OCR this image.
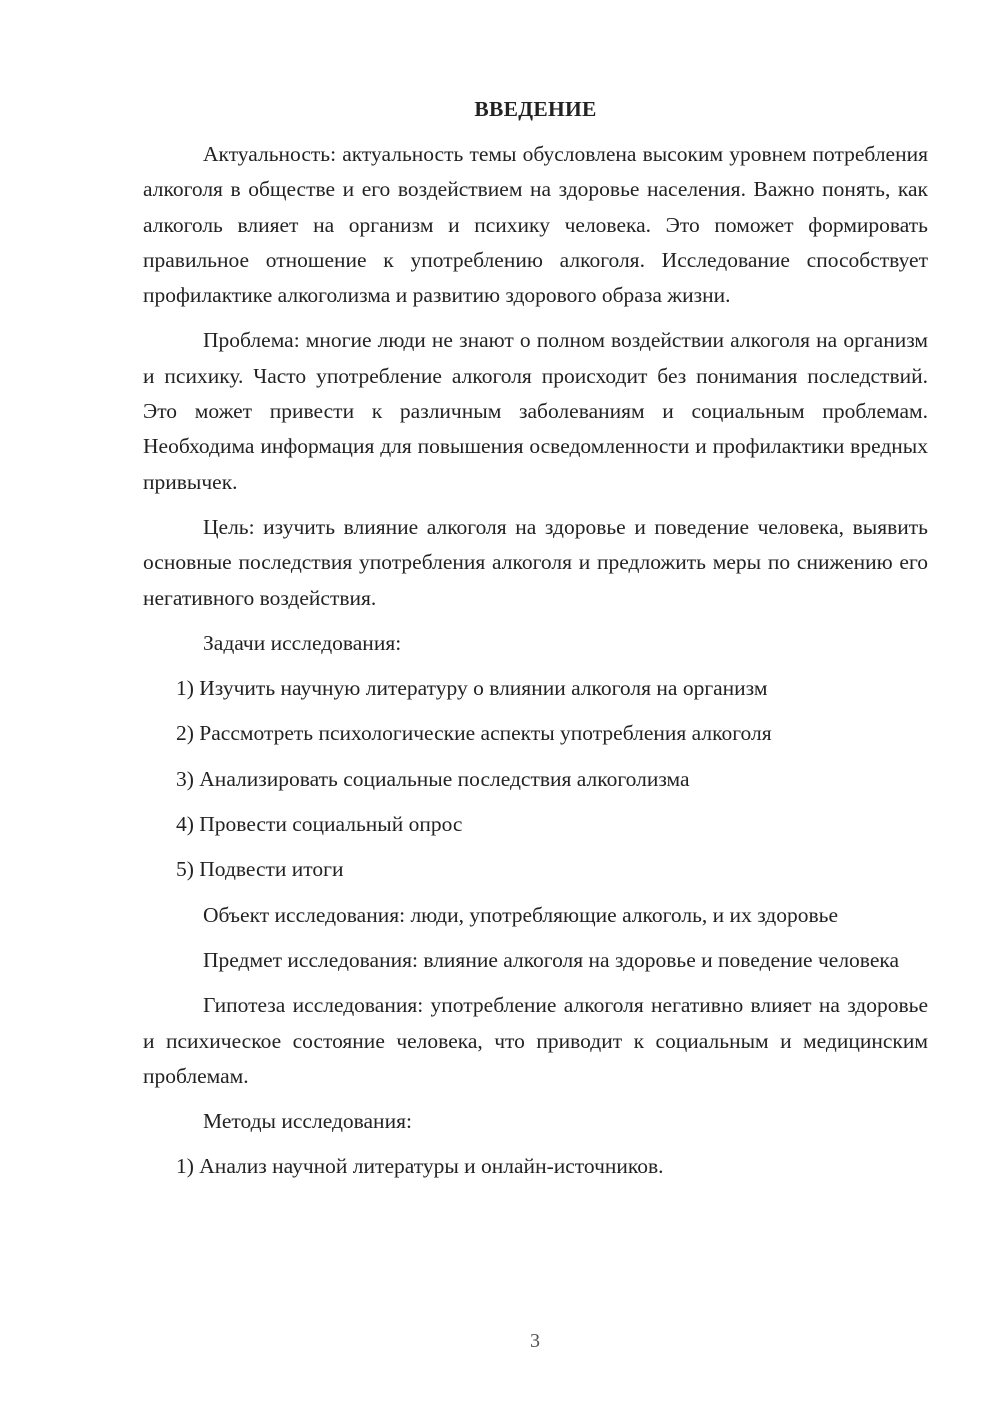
ВВЕДЕНИЕ

Актуальность: актуальность темы обусловлена высоким уровнем потребления алкоголя в обществе и его воздействием на здоровье населения. Важно понять, как алкоголь влияет на организм и психику человека. Это поможет формировать правильное отношение к употреблению алкоголя. Исследование способствует профилактике алкоголизма и развитию здорового образа жизни.

Проблема: многие люди не знают о полном воздействии алкоголя на организм и психику. Часто употребление алкоголя происходит без понимания последствий. Это может привести к различным заболеваниям и социальным проблемам. Необходима информация для повышения осведомленности и профилактики вредных привычек.

Цель: изучить влияние алкоголя на здоровье и поведение человека, выявить основные последствия употребления алкоголя и предложить меры по снижению его негативного воздействия.

Задачи исследования:

1) Изучить научную литературу о влиянии алкоголя на организм
2) Рассмотреть психологические аспекты употребления алкоголя
3) Анализировать социальные последствия алкоголизма
4) Провести социальный опрос
5) Подвести итоги

Объект исследования: люди, употребляющие алкоголь, и их здоровье

Предмет исследования: влияние алкоголя на здоровье и поведение человека

Гипотеза исследования: употребление алкоголя негативно влияет на здоровье и психическое состояние человека, что приводит к социальным и медицинским проблемам.

Методы исследования:

1) Анализ научной литературы и онлайн-источников.
3
